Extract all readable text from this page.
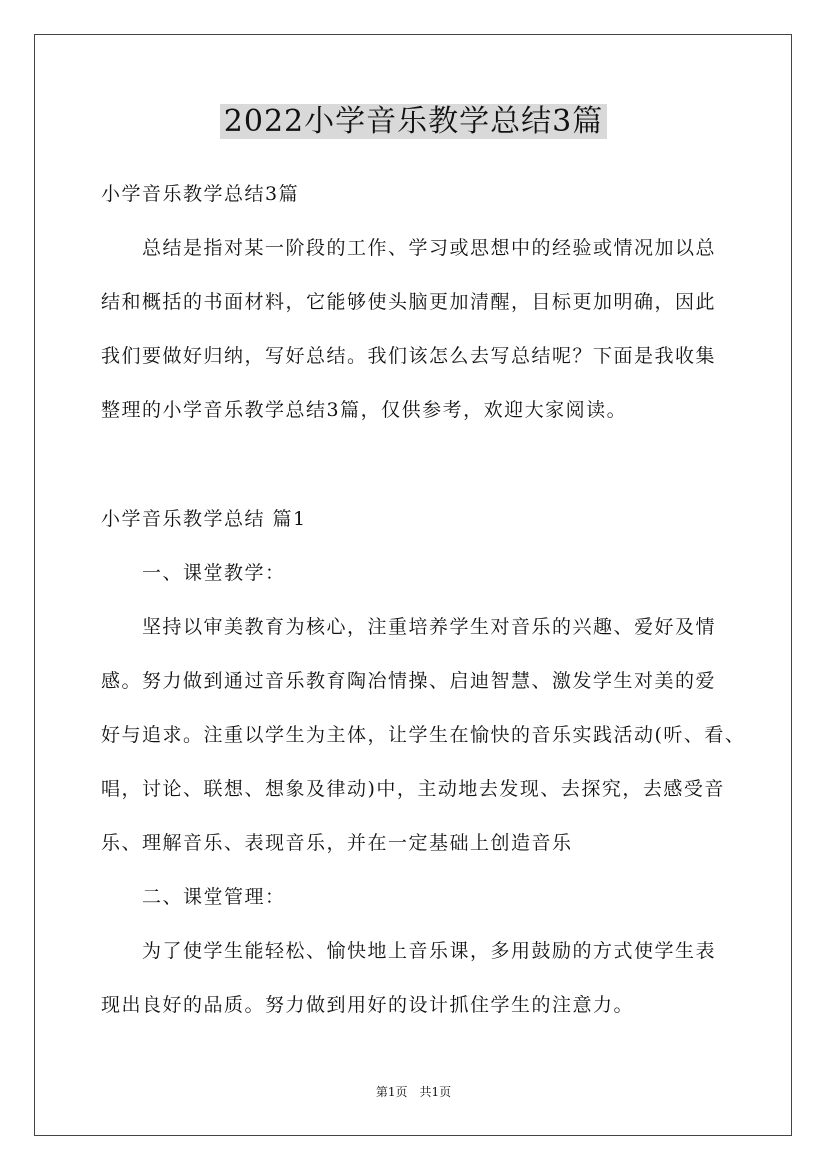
2022小学音乐教学总结3篇
小学音乐教学总结3篇
总结是指对某一阶段的工作、学习或思想中的经验或情况加以总
结和概括的书面材料，它能够使头脑更加清醒，目标更加明确，因此
我们要做好归纳，写好总结。我们该怎么去写总结呢？下面是我收集
整理的小学音乐教学总结3篇，仅供参考，欢迎大家阅读。
小学音乐教学总结 篇1
一、课堂教学：
坚持以审美教育为核心，注重培养学生对音乐的兴趣、爱好及情
感。努力做到通过音乐教育陶冶情操、启迪智慧、激发学生对美的爱
好与追求。注重以学生为主体，让学生在愉快的音乐实践活动(听、看、
唱，讨论、联想、想象及律动)中，主动地去发现、去探究，去感受音
乐、理解音乐、表现音乐，并在一定基础上创造音乐
二、课堂管理：
为了使学生能轻松、愉快地上音乐课，多用鼓励的方式使学生表
现出良好的品质。努力做到用好的设计抓住学生的注意力。
第1页　共1页
